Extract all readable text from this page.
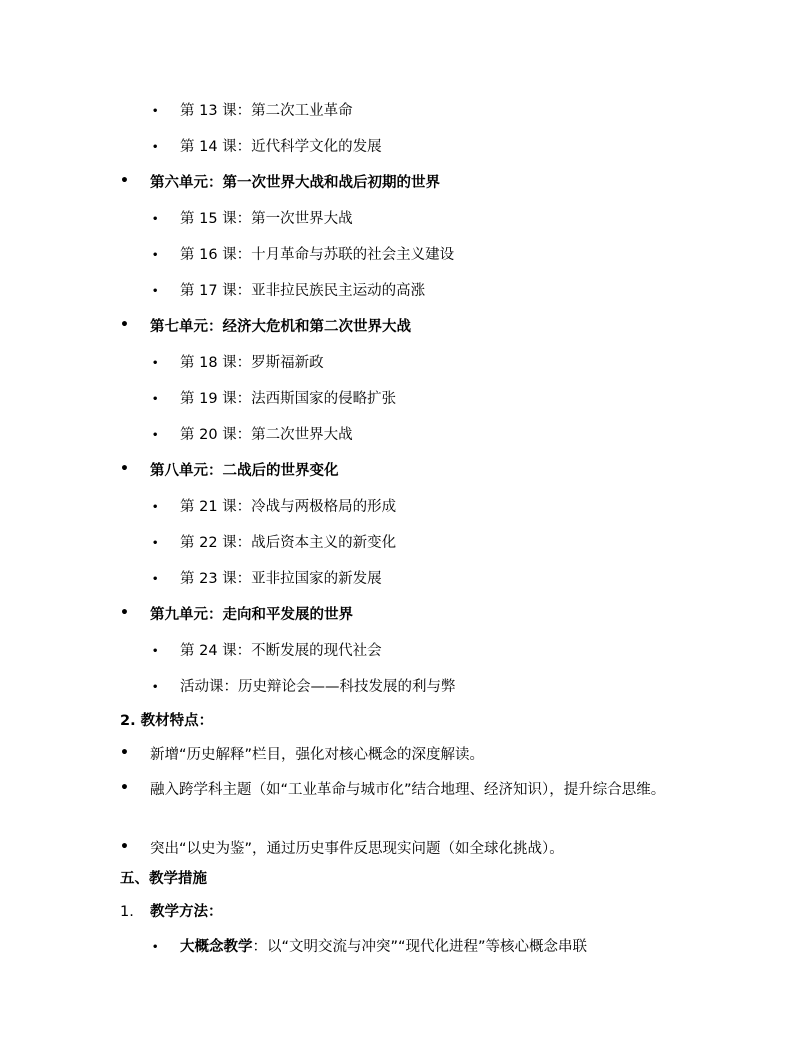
• 第 13 课：第二次工业革命
• 第 14 课：近代科学文化的发展
• 第六单元：第一次世界大战和战后初期的世界
• 第 15 课：第一次世界大战
• 第 16 课：十月革命与苏联的社会主义建设
• 第 17 课：亚非拉民族民主运动的高涨
• 第七单元：经济大危机和第二次世界大战
• 第 18 课：罗斯福新政
• 第 19 课：法西斯国家的侵略扩张
• 第 20 课：第二次世界大战
• 第八单元：二战后的世界变化
• 第 21 课：冷战与两极格局的形成
• 第 22 课：战后资本主义的新变化
• 第 23 课：亚非拉国家的新发展
• 第九单元：走向和平发展的世界
• 第 24 课：不断发展的现代社会
• 活动课：历史辩论会——科技发展的利与弊
2. 教材特点：
• 新增“历史解释”栏目，强化对核心概念的深度解读。
• 融入跨学科主题（如“工业革命与城市化”结合地理、经济知识），提升综合思维。
• 突出“以史为鉴”，通过历史事件反思现实问题（如全球化挑战）。
五、教学措施
1. 教学方法：
• 大概念教学：以“文明交流与冲突”“现代化进程”等核心概念串联
